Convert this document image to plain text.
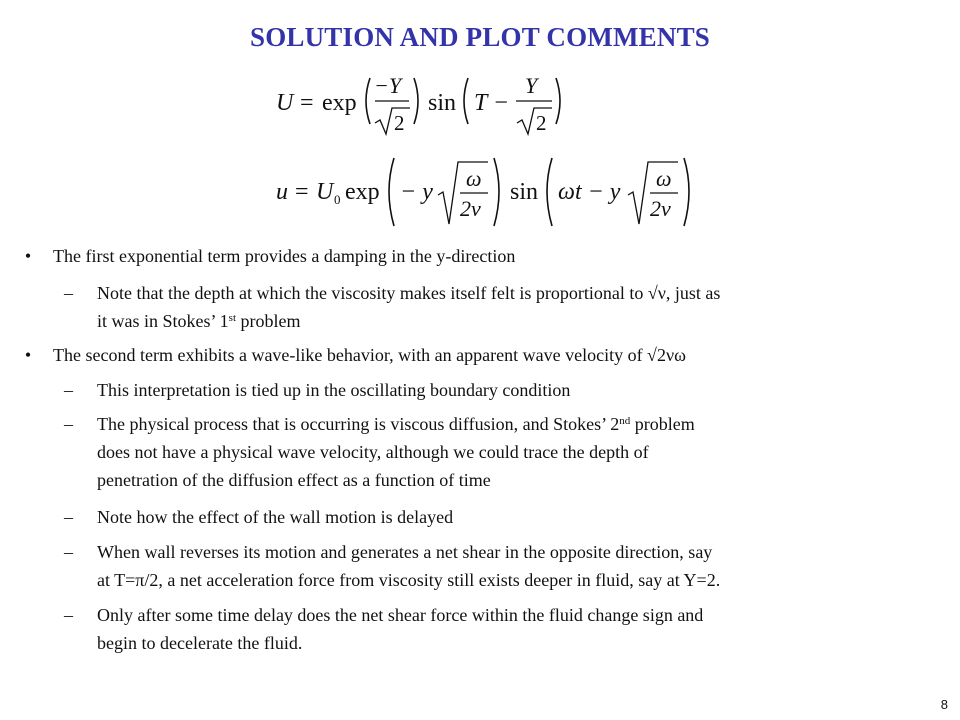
SOLUTION AND PLOT COMMENTS
U = exp
−Y
2
sin T −
Y
2
u = U 0 exp − y
ω
2ν
sin ωt − y
ω
2ν
• The first exponential term provides a damping in the y-direction
– Note that the depth at which the viscosity makes itself felt is proportional to √ν, just as
it was in Stokes’ 1st problem
• The second term exhibits a wave-like behavior, with an apparent wave velocity of √2νω
– This interpretation is tied up in the oscillating boundary condition
– The physical process that is occurring is viscous diffusion, and Stokes’ 2nd problem
does not have a physical wave velocity, although we could trace the depth of
penetration of the diffusion effect as a function of time
– Note how the effect of the wall motion is delayed
– When wall reverses its motion and generates a net shear in the opposite direction, say
at T=π/2, a net acceleration force from viscosity still exists deeper in fluid, say at Y=2.
– Only after some time delay does the net shear force within the fluid change sign and
begin to decelerate the fluid.
8
